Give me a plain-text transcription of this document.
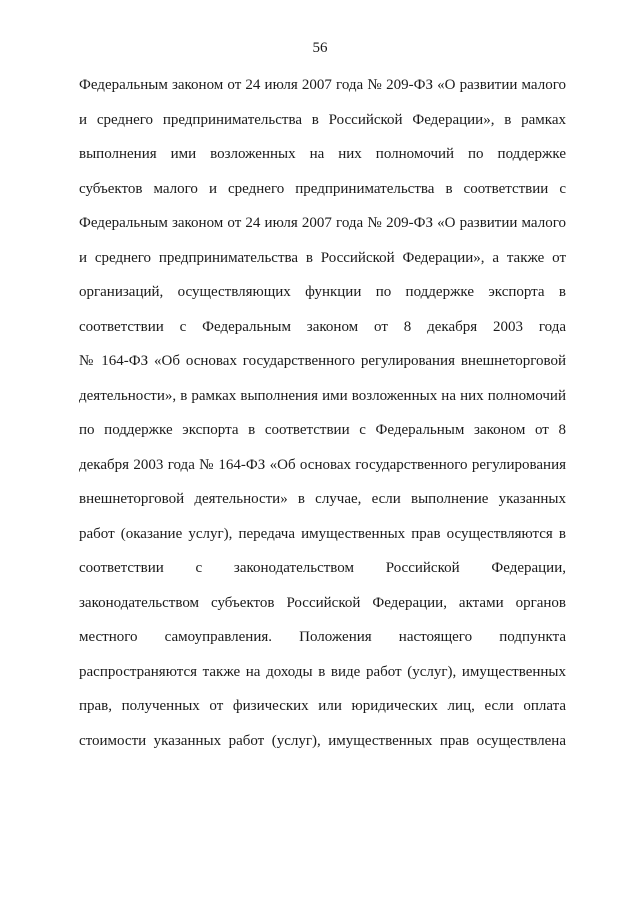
56
Федеральным законом от 24 июля 2007 года № 209-ФЗ «О развитии малого
и среднего предпринимательства в Российской Федерации», в рамках
выполнения ими возложенных на них полномочий по поддержке
субъектов малого и среднего предпринимательства в соответствии с
Федеральным законом от 24 июля 2007 года № 209-ФЗ «О развитии малого
и среднего предпринимательства в Российской Федерации», а также от
организаций, осуществляющих функции по поддержке экспорта в
соответствии с Федеральным законом от 8 декабря 2003 года
№ 164-ФЗ «Об основах государственного регулирования внешнеторговой
деятельности», в рамках выполнения ими возложенных на них полномочий
по поддержке экспорта в соответствии с Федеральным законом от 8
декабря 2003 года № 164-ФЗ «Об основах государственного регулирования
внешнеторговой деятельности» в случае, если выполнение указанных
работ (оказание услуг), передача имущественных прав осуществляются в
соответствии с законодательством Российской Федерации,
законодательством субъектов Российской Федерации, актами органов
местного самоуправления. Положения настоящего подпункта
распространяются также на доходы в виде работ (услуг), имущественных
прав, полученных от физических или юридических лиц, если оплата
стоимости указанных работ (услуг), имущественных прав осуществлена
